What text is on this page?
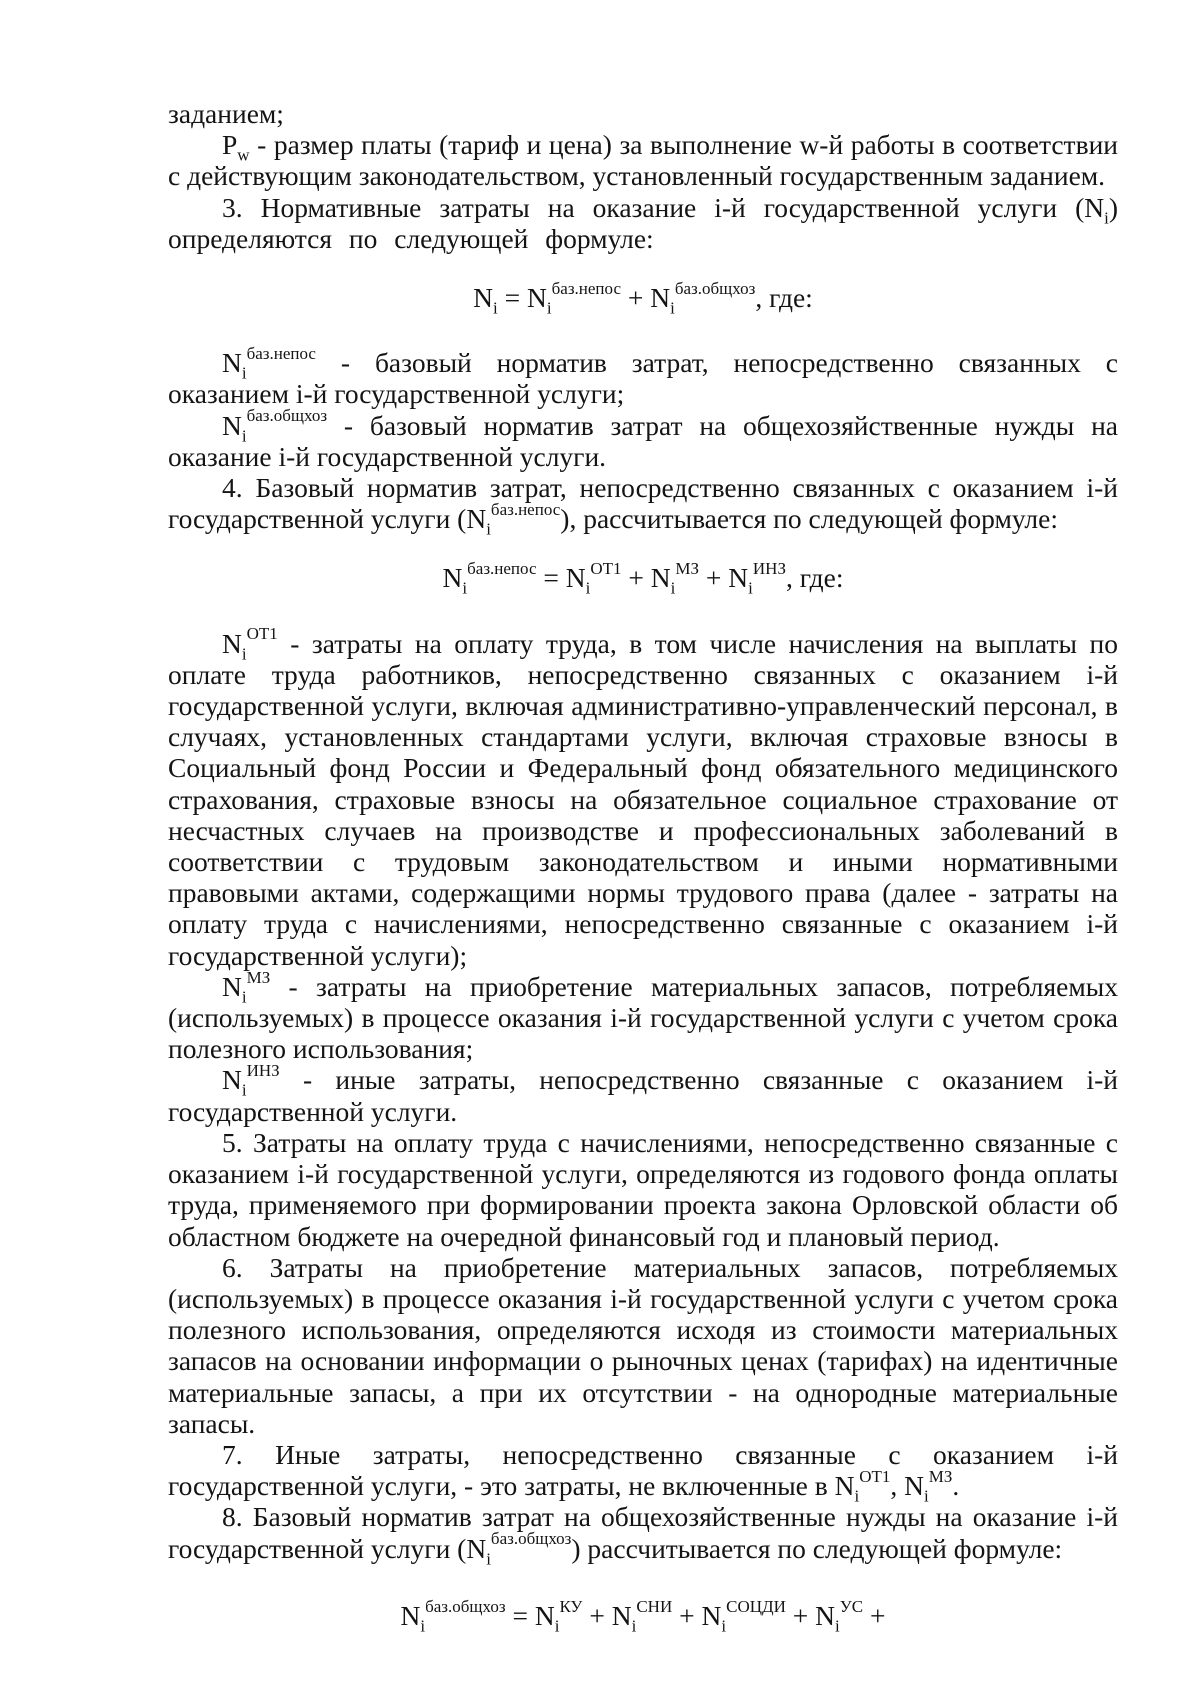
заданием;

$P_w$ - размер платы (тариф и цена) за выполнение w-й работы в соответствии с действующим законодательством, установленный государственным заданием.

3. Нормативные затраты на оказание i-й государственной услуги $(N_i)$ определяются по следующей формуле:

$N_i = N_i^{баз.непос} + N_i^{баз.общхоз}$, где:

$N_i^{баз.непос}$ - базовый норматив затрат, непосредственно связанных с оказанием i-й государственной услуги;

$N_i^{баз.общхоз}$ - базовый норматив затрат на общехозяйственные нужды на оказание i-й государственной услуги.

4. Базовый норматив затрат, непосредственно связанных с оказанием i-й государственной услуги $(N_i^{баз.непос})$, рассчитывается по следующей формуле:

$N_i^{баз.непос} = N_i^{ОТ1} + N_i^{МЗ} + N_i^{ИНЗ}$, где:

$N_i^{ОТ1}$ - затраты на оплату труда, в том числе начисления на выплаты по оплате труда работников, непосредственно связанных с оказанием i-й государственной услуги, включая административно-управленческий персонал, в случаях, установленных стандартами услуги, включая страховые взносы в Социальный фонд России и Федеральный фонд обязательного медицинского страхования, страховые взносы на обязательное социальное страхование от несчастных случаев на производстве и профессиональных заболеваний в соответствии с трудовым законодательством и иными нормативными правовыми актами, содержащими нормы трудового права (далее - затраты на оплату труда с начислениями, непосредственно связанные с оказанием i-й государственной услуги);

$N_i^{МЗ}$ - затраты на приобретение материальных запасов, потребляемых (используемых) в процессе оказания i-й государственной услуги с учетом срока полезного использования;

$N_i^{ИНЗ}$ - иные затраты, непосредственно связанные с оказанием i-й государственной услуги.

5. Затраты на оплату труда с начислениями, непосредственно связанные с оказанием i-й государственной услуги, определяются из годового фонда оплаты труда, применяемого при формировании проекта закона Орловской области об областном бюджете на очередной финансовый год и плановый период.

6. Затраты на приобретение материальных запасов, потребляемых (используемых) в процессе оказания i-й государственной услуги с учетом срока полезного использования, определяются исходя из стоимости материальных запасов на основании информации о рыночных ценах (тарифах) на идентичные материальные запасы, а при их отсутствии - на однородные материальные запасы.

7. Иные затраты, непосредственно связанные с оказанием i-й государственной услуги, - это затраты, не включенные в $N_i^{ОТ1}$, $N_i^{МЗ}$.

8. Базовый норматив затрат на общехозяйственные нужды на оказание i-й государственной услуги $(N_i^{баз.общхоз})$ рассчитывается по следующей формуле:

$N_i^{баз.общхоз} = N_i^{КУ} + N_i^{СНИ} + N_i^{СОЦДИ} + N_i^{УС}$ +
